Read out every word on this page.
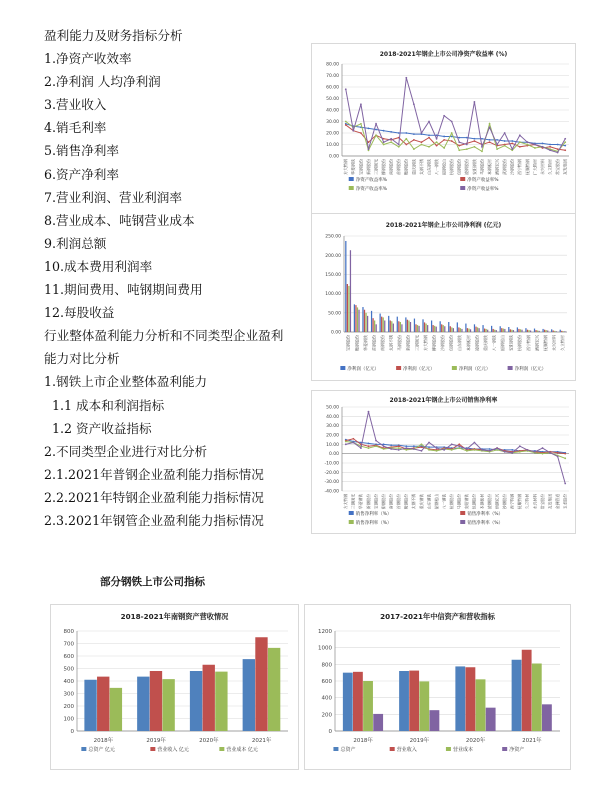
盈利能力及财务指标分析
1.净资产收效率
2.净利润 人均净利润
3.营业收入
4.销毛利率
5.销售净利率
6.资产净利率
7.营业利润、营业利润率
8.营业成本、吨钢营业成本
9.利润总额
10.成本费用利润率
11.期间费用、吨钢期间费用
12.每股收益
行业整体盈利能力分析和不同类型企业盈利
能力对比分析
1.钢铁上市企业整体盈利能力
1.1 成本和利润指标
1.2 资产收益指标
2.不同类型企业进行对比分析
2.1.2021年普钢企业盈利能力指标情况
2.2.2021年特钢企业盈利能力指标情况
2.3.2021年钢管企业盈利能力指标情况
部分钢铁上市公司指标
2018-2021年钢企上市公司净资产收益率 (%)
0.00
10.00
20.00
30.00
40.00
50.00
60.00
70.00
80.00
方大特钢 华菱钢铁 宝钢股份 新钢股份 三钢闽光 柳钢股份 南钢股份 首钢股份 鞍钢股份 重庆钢铁 太钢不锈 山东钢铁 八一钢铁 韶钢松山 杭钢股份 包钢股份 凌钢股份 安阳钢铁 马钢股份 本钢板材 酒钢宏兴 武钢股份 沙钢股份 西宁特钢 抚顺特钢 广大特材 永兴材料 久立特材 常宝股份 友发集团
净资产收益率%	净资产收益率%
净资产收益率%	净资产收益率%
2018-2021年钢企上市公司净利润 (亿元)
0.00
50.00
100.00
150.00
200.00
250.00
宝钢股份 鞍钢股份 华菱钢铁 首钢股份 南钢股份 太钢不锈 马钢股份 新钢股份 三钢闽光 方大特钢 柳钢股份 沙钢股份 包钢股份 山东钢铁 本钢板材 凌钢股份 重庆钢铁 八一钢铁 韶钢松山 安阳钢铁 杭钢股份 西宁特钢 酒钢宏兴 抚顺特钢 永兴材料 久立特材
净利润（亿元）	净利润（亿元）	净利润（亿元）	净利润（亿元）
2018-2021年钢企上市公司销售净利率
-40.00
-30.00
-20.00
-10.00
0.00
10.00
20.00
30.00
40.00
50.00
方大特钢 三钢闽光 华菱钢铁 新钢股份 宝钢股份 柳钢股份 南钢股份 首钢股份 鞍钢股份 太钢不锈 重庆钢铁 山东钢铁 韶钢松山 八一钢铁 杭钢股份 马钢股份 安阳钢铁 包钢股份 本钢板材 凌钢股份 酒钢宏兴 沙钢股份 西宁特钢 抚顺特钢 久立特材 永兴材料 常宝股份 友发集团 金洲管道 玉龙股份
销售净利率（%）	销售净利率（%）
销售净利率（%）	销售净利率（%）
2018-2021年南钢资产营收情况
0
100
200
300
400
500
600
700
800
2018年	2019年	2020年	2021年
总资产 亿元	营业收入 亿元	营业成本 亿元
2017-2021年中信资产和营收指标
0
200
400
600
800
1000
1200
2018年	2019年	2020年	2021年
总资产	营业收入	营业成本	净资产
